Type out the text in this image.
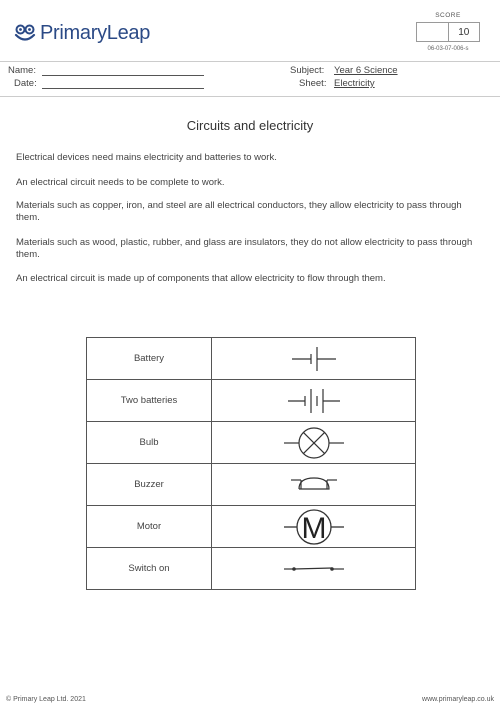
PrimaryLeap
SCORE
10
06-03-07-006-s
Name:
Date:
Subject: Year 6 Science
Sheet: Electricity
Circuits and electricity

Electrical devices need mains electricity and batteries to work.

An electrical circuit needs to be complete to work.

Materials such as copper, iron, and steel are all electrical conductors, they allow electricity to pass through them.

Materials such as wood, plastic, rubber, and glass are insulators, they do not allow electricity to pass through them.

An electrical circuit is made up of components that allow electricity to flow through them.

Battery	

Two batteries	

Bulb	

Buzzer	

Motor	M

Switch on	
© Primary Leap Ltd. 2021	www.primaryleap.co.uk
